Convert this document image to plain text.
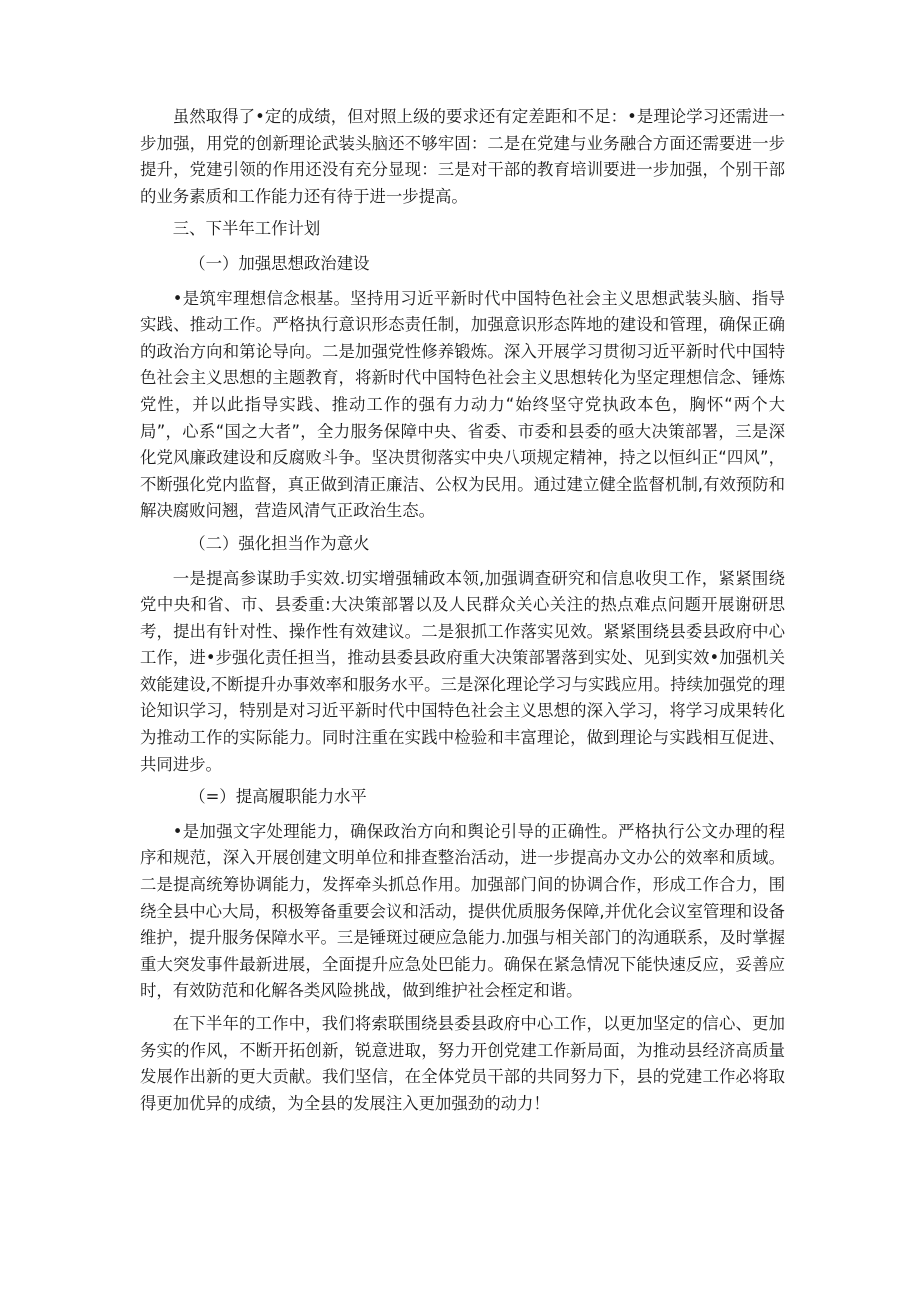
虽然取得了•定的成绩，但对照上级的要求还有定差距和不足：•是理论学习还需进一步加强，用党的创新理论武装头脑还不够牢固：二是在党建与业务融合方面还需要进一步提升，党建引领的作用还没有充分显现：三是对干部的教育培训要进一步加强，个别干部的业务素质和工作能力还有待于进一步提高。

三、下半年工作计划

（一）加强思想政治建设

•是筑牢理想信念根基。坚持用习近平新时代中国特色社会主义思想武装头脑、指导实践、推动工作。严格执行意识形态责任制，加强意识形态阵地的建设和管理，确保正确的政治方向和第论导向。二是加强党性修养锻炼。深入开展学习贯彻习近平新时代中国特色社会主义思想的主题教育，将新时代中国特色社会主义思想转化为坚定理想信念、锤炼党性，并以此指导实践、推动工作的强有力动力“始终坚守党执政本色，胸怀“两个大局”，心系“国之大者”，全力服务保障中央、省委、市委和县委的亟大决策部署，三是深化党风廉政建设和反腐败斗争。坚决贯彻落实中央八项规定精神，持之以恒纠正“四风”，不断强化党内监督，真正做到清正廉洁、公权为民用。通过建立健全监督机制,有效预防和解决腐败问翘，营造风清气正政治生态。

（二）强化担当作为意火

一是提高参谋助手实效.切实增强辅政本领,加强调查研究和信息收臾工作，紧紧围绕党中央和省、市、县委重:大决策部署以及人民群众关心关注的热点难点问题开展谢研思考，提出有针对性、操作性有效建议。二是狠抓工作落实见效。紧紧围绕县委县政府中心工作，进•步强化责任担当，推动县委县政府重大决策部署落到实处、见到实效•加强机关效能建设,不断提升办事效率和服务水平。三是深化理论学习与实践应用。持续加强党的理论知识学习，特别是对习近平新时代中国特色社会主义思想的深入学习，将学习成果转化为推动工作的实际能力。同时注重在实践中检验和丰富理论，做到理论与实践相互促进、共同进步。

（=）提高履职能力水平

•是加强文字处理能力，确保政治方向和舆论引导的正确性。严格执行公文办理的程序和规范，深入开展创建文明单位和排查整治活动，进一步提高办文办公的效率和质域。二是提高统筹协调能力，发挥牵头抓总作用。加强部门间的协调合作，形成工作合力，围绕全县中心大局，积极筹备重要会议和活动，提供优质服务保障,并优化会议室管理和设备维护，提升服务保障水平。三是锤斑过硬应急能力.加强与相关部门的沟通联系，及时掌握重大突发事件最新进展，全面提升应急处巴能力。确保在紧急情况下能快速反应，妥善应时，有效防范和化解各类风险挑战，做到维护社会桎定和谐。

在下半年的工作中，我们将索联围绕县委县政府中心工作，以更加坚定的信心、更加务实的作风，不断开拓创新，锐意进取，努力开创党建工作新局面，为推动县经济高质量发展作出新的更大贡献。我们坚信，在全体党员干部的共同努力下，县的党建工作必将取得更加优异的成绩，为全县的发展注入更加强劲的动力！
